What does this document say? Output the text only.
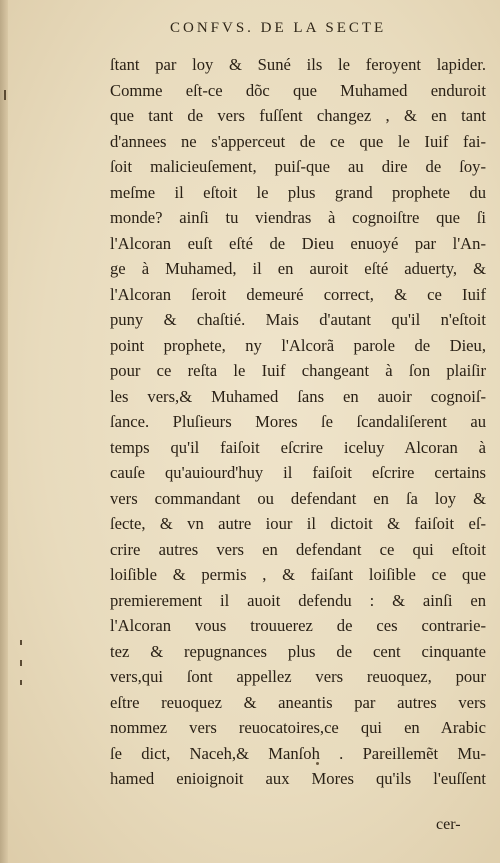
CONFVS. DE LA SECTE
ſtant par loy & Suné ils le feroyent lapider.
Comme eſt-ce dõc que Muhamed enduroit
que tant de vers fuſſent changez , & en tant
d'annees ne s'apperceut de ce que le Iuif fai-
ſoit malicieuſement, puiſ-que au dire de ſoy-
meſme il eſtoit le plus grand prophete du
monde? ainſi tu viendras à cognoiſtre que ſi
l'Alcoran euſt eſté de Dieu enuoyé par l'An-
ge à Muhamed, il en auroit eſté aduerty, &
l'Alcoran ſeroit demeuré correct, & ce Iuif
puny & chaſtié. Mais d'autant qu'il n'eſtoit
point prophete, ny l'Alcorã parole de Dieu,
pour ce reſta le Iuif changeant à ſon plaiſir
les vers,& Muhamed ſans en auoir cognoiſ-
ſance. Pluſieurs Mores ſe ſcandaliſerent au
temps qu'il faiſoit eſcrire iceluy Alcoran à
cauſe qu'auiourd'huy il faiſoit eſcrire certains
vers commandant ou defendant en ſa loy &
ſecte, & vn autre iour il dictoit & faiſoit eſ-
crire autres vers en defendant ce qui eſtoit
loiſible & permis , & faiſant loiſible ce que
premierement il auoit defendu : & ainſi en
l'Alcoran vous trouuerez de ces contrarie-
tez & repugnances plus de cent cinquante
vers,qui ſont appellez vers reuoquez, pour
eſtre reuoquez & aneantis par autres vers
nommez vers reuocatoires,ce qui en Arabic
ſe dict, Naceh,& Manſoh . Pareillemẽt Mu-
hamed enioignoit aux Mores qu'ils l'euſſent
cer-
